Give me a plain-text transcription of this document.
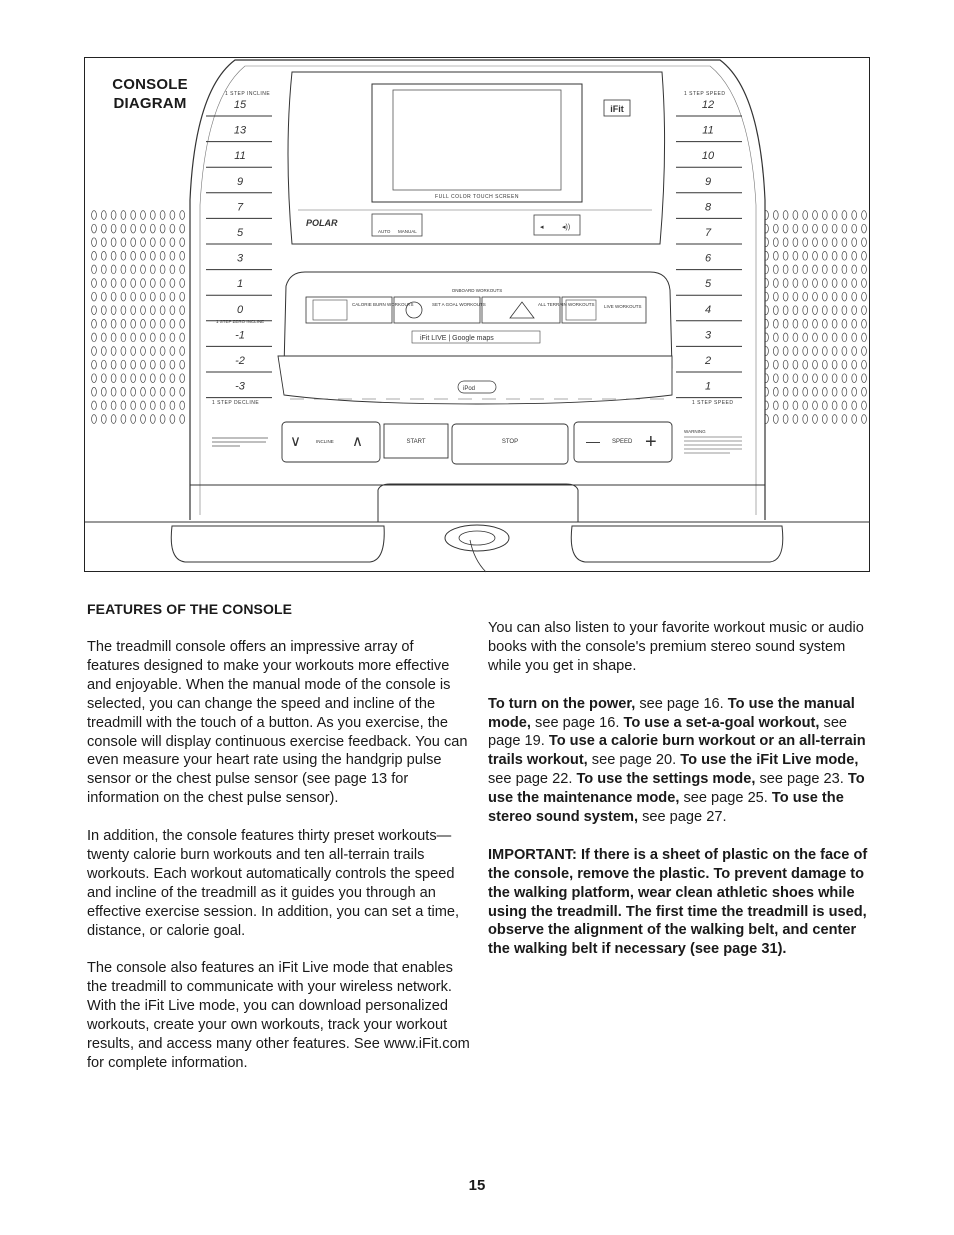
CONSOLE
DIAGRAM	15
13
11
9
7
5
3
1
0
-1
-2
-3
12
11
10
9
8
7
6
5
4
3
2
1
1 STEP INCLINE	1 STEP SPEED
1 STEP ZERO INCLINE
1 STEP DECLINE	1 STEP SPEED
FULL COLOR TOUCH SCREEN
iFit
POLAR
AUTO MANUAL
◂	◂))
ONBOARD WORKOUTS
CALORIE BURN WORKOUTS	SET A GOAL WORKOUTS	ALL TERRAIN WORKOUTS LIVE WORKOUTS
iFit LIVE | Google maps
iPod
∨	INCLINE ∧	START	STOP	— SPEED +	WARNING
FEATURES OF THE CONSOLE

The treadmill console offers an impressive array of features designed to make your workouts more effective and enjoyable. When the manual mode of the console is selected, you can change the speed and incline of the treadmill with the touch of a button. As you exercise, the console will display continuous exercise feedback. You can even measure your heart rate using the handgrip pulse sensor or the chest pulse sensor (see page 13 for information on the chest pulse sensor).

In addition, the console features thirty preset workouts—twenty calorie burn workouts and ten all-terrain trails workouts. Each workout automatically controls the speed and incline of the treadmill as it guides you through an effective exercise session. In addition, you can set a time, distance, or calorie goal.

The console also features an iFit Live mode that enables the treadmill to communicate with your wireless network. With the iFit Live mode, you can download personalized workouts, create your own workouts, track your workout results, and access many other features. See www.iFit.com for complete information.

You can also listen to your favorite workout music or audio books with the console's premium stereo sound system while you get in shape.

To turn on the power, see page 16. To use the manual mode, see page 16. To use a set-a-goal workout, see page 19. To use a calorie burn workout or an all-terrain trails workout, see page 20. To use the iFit Live mode, see page 22. To use the settings mode, see page 23. To use the maintenance mode, see page 25. To use the stereo sound system, see page 27.

IMPORTANT: If there is a sheet of plastic on the face of the console, remove the plastic. To prevent damage to the walking platform, wear clean athletic shoes while using the treadmill. The first time the treadmill is used, observe the alignment of the walking belt, and center the walking belt if necessary (see page 31).

15
